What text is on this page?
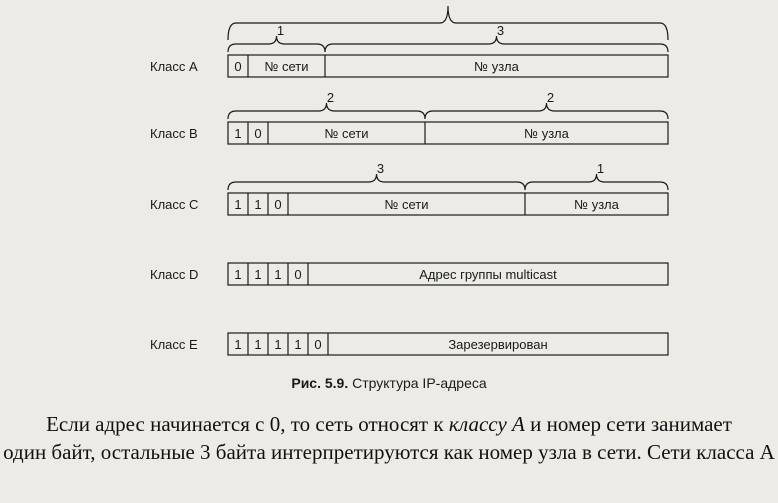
Класс A	0 № сети	№ узла
1	3
Класс B	1 0	№ сети	№ узла
2	2
Класс C	1 1 0	№ сети	№ узла
3	1
Класс D	1 1 1 0	Адрес группы multicast
Класс E	1 1 1 1 0	Зарезервирован
Рис. 5.9. Структура IP-адреса
Если адрес начинается с 0, то сеть относят к классу A и номер сети занимает
один байт, остальные 3 байта интерпретируются как номер узла в сети. Сети класса A
